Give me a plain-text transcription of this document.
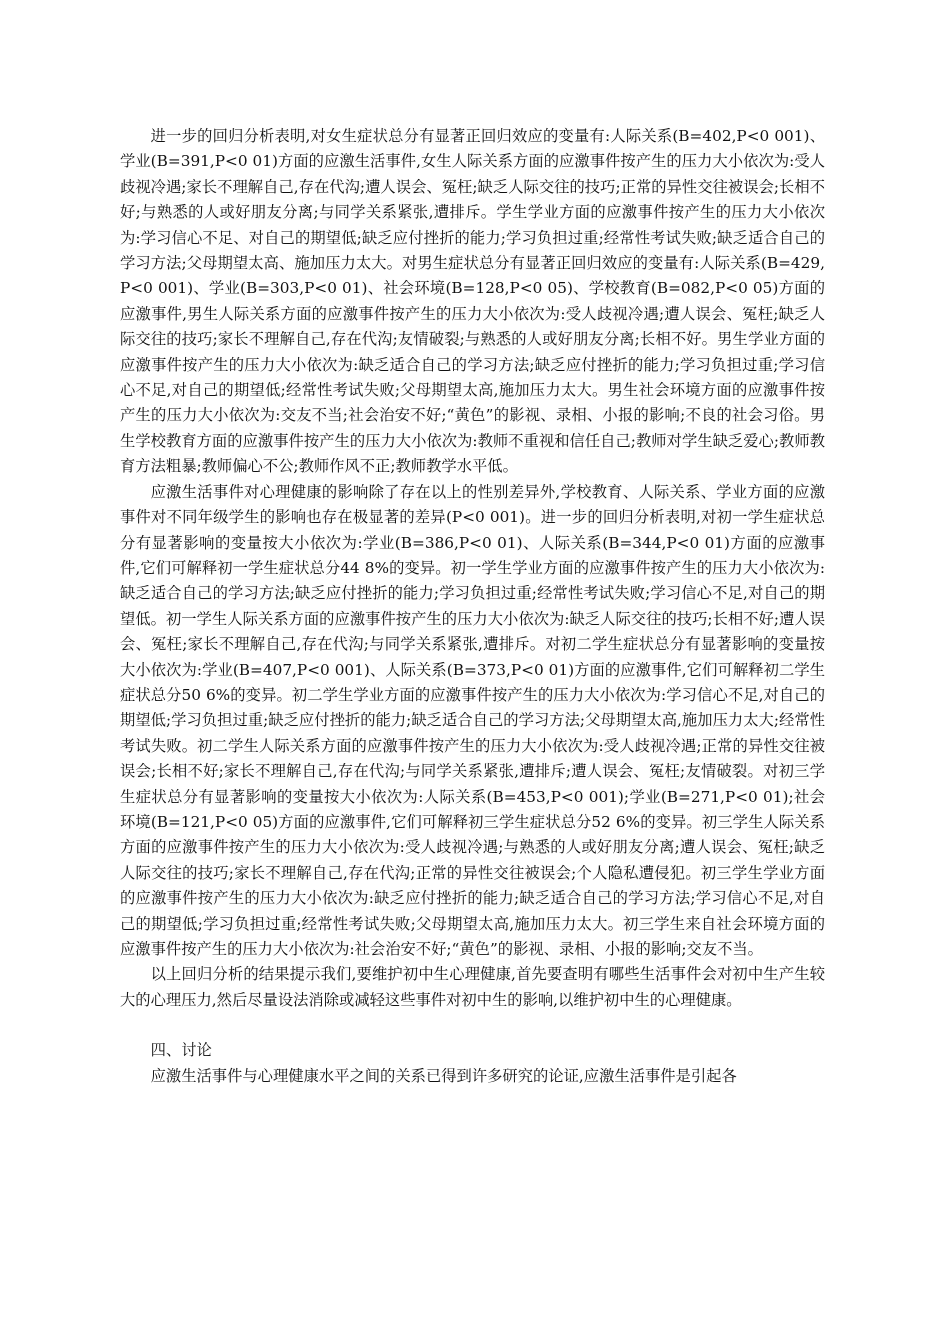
进一步的回归分析表明,对女生症状总分有显著正回归效应的变量有:人际关系(B=402,P<0 001)、学业(B=391,P<0 01)方面的应激生活事件,女生人际关系方面的应激事件按产生的压力大小依次为:受人歧视冷遇;家长不理解自己,存在代沟;遭人误会、冤枉;缺乏人际交往的技巧;正常的异性交往被误会;长相不好;与熟悉的人或好朋友分离;与同学关系紧张,遭排斥。学生学业方面的应激事件按产生的压力大小依次为:学习信心不足、对自己的期望低;缺乏应付挫折的能力;学习负担过重;经常性考试失败;缺乏适合自己的学习方法;父母期望太高、施加压力太大。对男生症状总分有显著正回归效应的变量有:人际关系(B=429,P<0 001)、学业(B=303,P<0 01)、社会环境(B=128,P<0 05)、学校教育(B=082,P<0 05)方面的应激事件,男生人际关系方面的应激事件按产生的压力大小依次为:受人歧视冷遇;遭人误会、冤枉;缺乏人际交往的技巧;家长不理解自己,存在代沟;友情破裂;与熟悉的人或好朋友分离;长相不好。男生学业方面的应激事件按产生的压力大小依次为:缺乏适合自己的学习方法;缺乏应付挫折的能力;学习负担过重;学习信心不足,对自己的期望低;经常性考试失败;父母期望太高,施加压力太大。男生社会环境方面的应激事件按产生的压力大小依次为:交友不当;社会治安不好;“黄色”的影视、录相、小报的影响;不良的社会习俗。男生学校教育方面的应激事件按产生的压力大小依次为:教师不重视和信任自己;教师对学生缺乏爱心;教师教育方法粗暴;教师偏心不公;教师作风不正;教师教学水平低。

应激生活事件对心理健康的影响除了存在以上的性别差异外,学校教育、人际关系、学业方面的应激事件对不同年级学生的影响也存在极显著的差异(P<0 001)。进一步的回归分析表明,对初一学生症状总分有显著影响的变量按大小依次为:学业(B=386,P<0 01)、人际关系(B=344,P<0 01)方面的应激事件,它们可解释初一学生症状总分44 8%的变异。初一学生学业方面的应激事件按产生的压力大小依次为:缺乏适合自己的学习方法;缺乏应付挫折的能力;学习负担过重;经常性考试失败;学习信心不足,对自己的期望低。初一学生人际关系方面的应激事件按产生的压力大小依次为:缺乏人际交往的技巧;长相不好;遭人误会、冤枉;家长不理解自己,存在代沟;与同学关系紧张,遭排斥。对初二学生症状总分有显著影响的变量按大小依次为:学业(B=407,P<0 001)、人际关系(B=373,P<0 01)方面的应激事件,它们可解释初二学生症状总分50 6%的变异。初二学生学业方面的应激事件按产生的压力大小依次为:学习信心不足,对自己的期望低;学习负担过重;缺乏应付挫折的能力;缺乏适合自己的学习方法;父母期望太高,施加压力太大;经常性考试失败。初二学生人际关系方面的应激事件按产生的压力大小依次为:受人歧视冷遇;正常的异性交往被误会;长相不好;家长不理解自己,存在代沟;与同学关系紧张,遭排斥;遭人误会、冤枉;友情破裂。对初三学生症状总分有显著影响的变量按大小依次为:人际关系(B=453,P<0 001);学业(B=271,P<0 01);社会环境(B=121,P<0 05)方面的应激事件,它们可解释初三学生症状总分52 6%的变异。初三学生人际关系方面的应激事件按产生的压力大小依次为:受人歧视冷遇;与熟悉的人或好朋友分离;遭人误会、冤枉;缺乏人际交往的技巧;家长不理解自己,存在代沟;正常的异性交往被误会;个人隐私遭侵犯。初三学生学业方面的应激事件按产生的压力大小依次为:缺乏应付挫折的能力;缺乏适合自己的学习方法;学习信心不足,对自己的期望低;学习负担过重;经常性考试失败;父母期望太高,施加压力太大。初三学生来自社会环境方面的应激事件按产生的压力大小依次为:社会治安不好;“黄色”的影视、录相、小报的影响;交友不当。

以上回归分析的结果提示我们,要维护初中生心理健康,首先要查明有哪些生活事件会对初中生产生较大的心理压力,然后尽量设法消除或减轻这些事件对初中生的影响,以维护初中生的心理健康。

四、讨论

应激生活事件与心理健康水平之间的关系已得到许多研究的论证,应激生活事件是引起各
